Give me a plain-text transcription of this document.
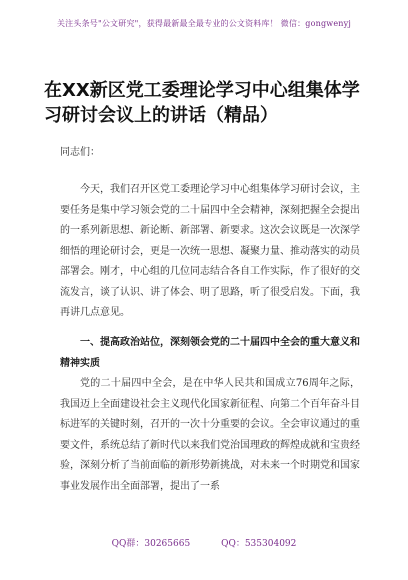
关注头条号"公文研究"，获得最新最全最专业的公文资料库！ 微信：gongwenyj
在XX新区党工委理论学习中心组集体学习研讨会议上的讲话（精品）

同志们：

今天，我们召开区党工委理论学习中心组集体学习研讨会议，主要任务是集中学习领会党的二十届四中全会精神，深刻把握全会提出的一系列新思想、新论断、新部署、新要求。这次会议既是一次深学细悟的理论研讨会，更是一次统一思想、凝聚力量、推动落实的动员部署会。刚才，中心组的几位同志结合各自工作实际，作了很好的交流发言，谈了认识、讲了体会、明了思路，听了很受启发。下面，我再讲几点意见。

一、提高政治站位，深刻领会党的二十届四中全会的重大意义和精神实质

党的二十届四中全会，是在中华人民共和国成立76周年之际，我国迈上全面建设社会主义现代化国家新征程、向第二个百年奋斗目标进军的关键时刻，召开的一次十分重要的会议。全会审议通过的重要文件，系统总结了新时代以来我们党治国理政的辉煌成就和宝贵经验，深刻分析了当前面临的新形势新挑战，对未来一个时期党和国家事业发展作出全面部署，提出了一系

QQ群：30265665	QQ：535304092
